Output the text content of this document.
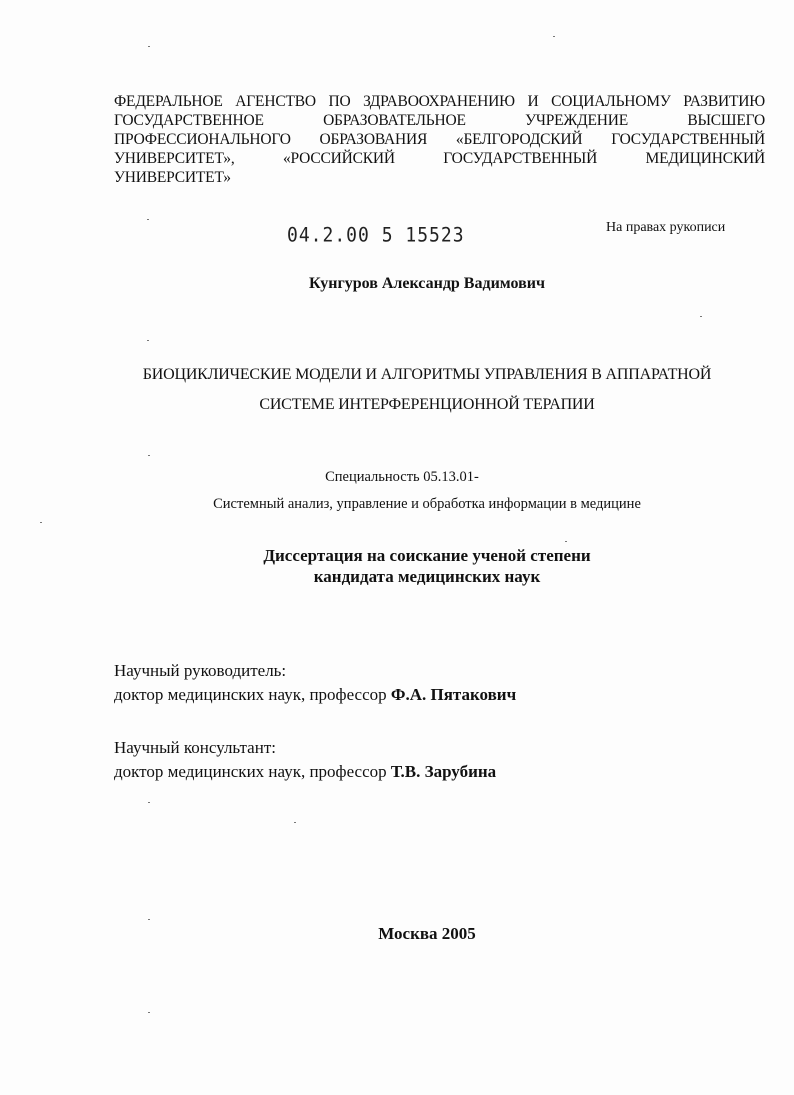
ФЕДЕРАЛЬНОЕ АГЕНСТВО ПО ЗДРАВООХРАНЕНИЮ И СОЦИАЛЬНОМУ РАЗВИТИЮ
ГОСУДАРСТВЕННОЕ ОБРАЗОВАТЕЛЬНОЕ УЧРЕЖДЕНИЕ ВЫСШЕГО
ПРОФЕССИОНАЛЬНОГО ОБРАЗОВАНИЯ «БЕЛГОРОДСКИЙ ГОСУДАРСТВЕННЫЙ
УНИВЕРСИТЕТ», «РОССИЙСКИЙ ГОСУДАРСТВЕННЫЙ МЕДИЦИНСКИЙ
УНИВЕРСИТЕТ»
04.2.00 5 15523	На правах рукописи
Кунгуров Александр Вадимович
БИОЦИКЛИЧЕСКИЕ МОДЕЛИ И АЛГОРИТМЫ УПРАВЛЕНИЯ В АППАРАТНОЙ
СИСТЕМЕ ИНТЕРФЕРЕНЦИОННОЙ ТЕРАПИИ
Специальность 05.13.01-
Системный анализ, управление и обработка информации в медицине
Диссертация на соискание ученой степени
кандидата медицинских наук
Научный руководитель:
доктор медицинских наук, профессор Ф.А. Пятакович
Научный консультант:
доктор медицинских наук, профессор Т.В. Зарубина
Москва 2005
